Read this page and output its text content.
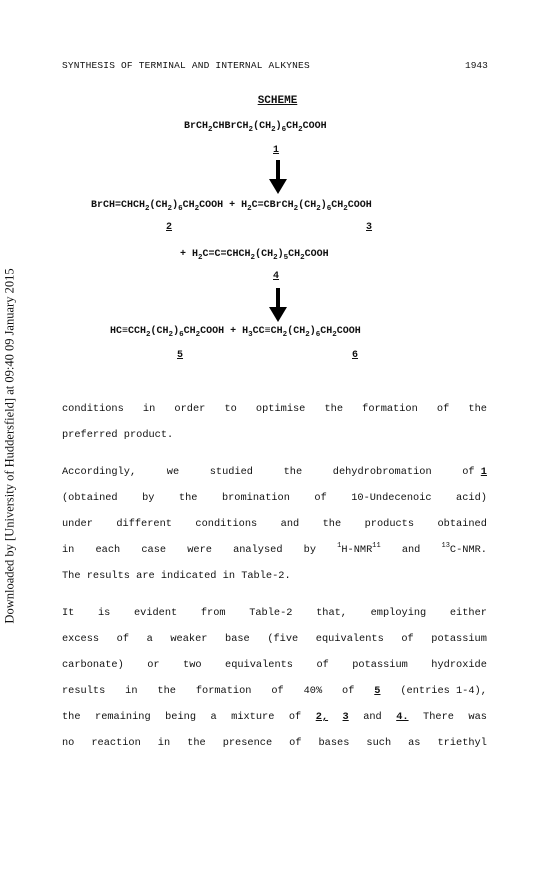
Downloaded by [University of Huddersfield] at 09:40 09 January 2015
SYNTHESIS OF TERMINAL AND INTERNAL ALKYNES	1943
SCHEME
$BrCH_2CHBrCH_2(CH_2)_6CH_2COOH$
1
$BrCH=CHCH_2(CH_2)_6CH_2COOH$ + $H_2C=CBrCH_2(CH_2)_6CH_2COOH$
2	3
+ $H_2C=C=CHCH_2(CH_2)_5CH_2COOH$
4
$HC\equiv CCH_2(CH_2)_6CH_2COOH$ + $H_3CC\equiv CH_2(CH_2)_6CH_2COOH$
5	6
conditions in order to optimise the formation of the
preferred product.
Accordingly,	we	studied	the	dehydrobromation	of 1
(obtained by the bromination of 10-Undecenoic acid)
under different conditions and the products obtained
in each case were analysed by	$^1$H-NMR$^{11}$ and	$^{13}$C-NMR.
The results are indicated in Table-2.
It is evident from Table-2 that, employing either
excess of a weaker base (five equivalents of potassium
carbonate) or two equivalents of potassium hydroxide
results in the formation of 40% of 5 (entries 1-4),
the remaining being a mixture of 2, 3 and 4. There was
no reaction in the presence of bases such as triethyl
